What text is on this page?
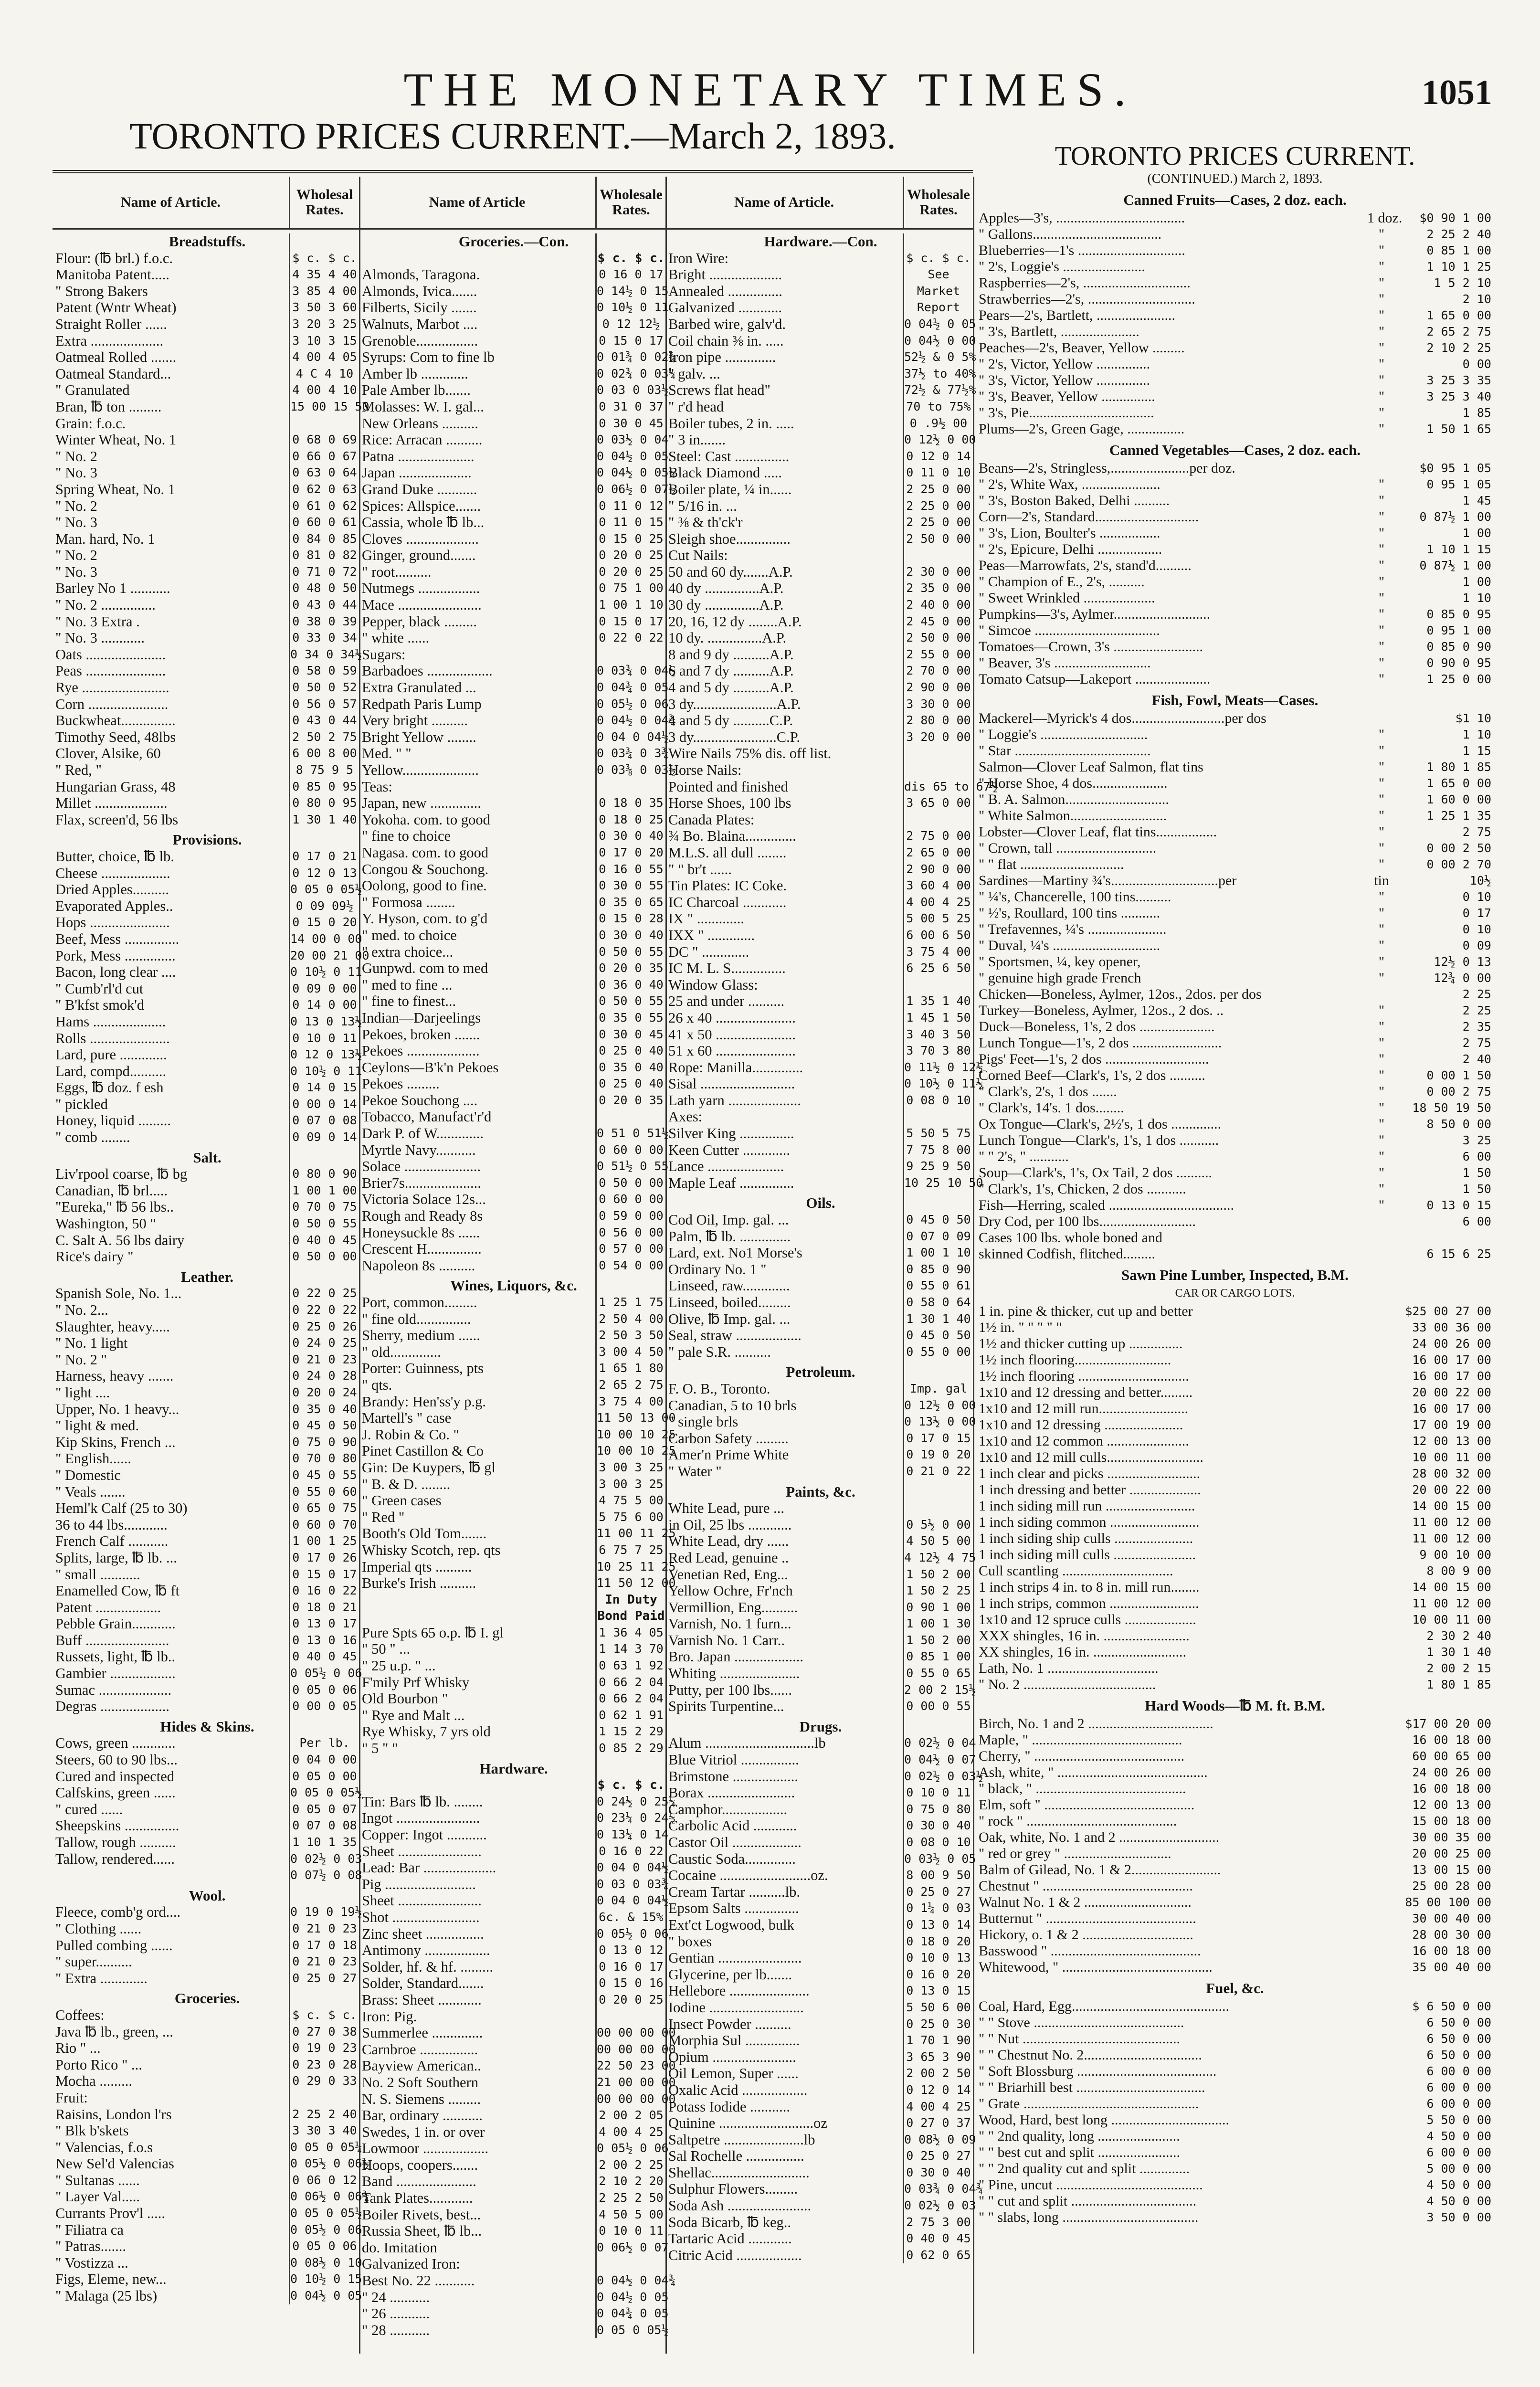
THE MONETARY TIMES.	1051
TORONTO PRICES CURRENT.—March 2, 1893.
Name of Article.	Wholesal Rates.
Breadstuffs.
Flour: (℔ brl.) f.o.c.	$ c. $ c.
Manitoba Patent.....	4 35 4 40
" Strong Bakers	3 85 4 00
Patent (Wntr Wheat)	3 50 3 60
Straight Roller ......	3 20 3 25
Extra ....................	3 10 3 15
Oatmeal Rolled .......	4 00 4 05
Oatmeal Standard...	4 C 4 10
" Granulated	4 00 4 10
Bran, ℔ ton .........	15 00 15 50
Grain: f.o.c.
Winter Wheat, No. 1	0 68 0 69
" No. 2	0 66 0 67
" No. 3	0 63 0 64
Spring Wheat, No. 1	0 62 0 63
" No. 2	0 61 0 62
" No. 3	0 60 0 61
Man. hard, No. 1	0 84 0 85
" No. 2	0 81 0 82
" No. 3	0 71 0 72
Barley No 1 ...........	0 48 0 50
" No. 2 ...............	0 43 0 44
" No. 3 Extra .	0 38 0 39
" No. 3 ............	0 33 0 34
Oats ......................	0 34 0 34½
Peas ......................	0 58 0 59
Rye ........................	0 50 0 52
Corn ......................	0 56 0 57
Buckwheat...............	0 43 0 44
Timothy Seed, 48lbs	2 50 2 75
Clover, Alsike, 60	6 00 8 00
" Red, "	8 75 9 5
Hungarian Grass, 48	0 85 0 95
Millet ....................	0 80 0 95
Flax, screen'd, 56 lbs	1 30 1 40
Provisions.
Butter, choice, ℔ lb.	0 17 0 21
Cheese ...................	0 12 0 13
Dried Apples..........	0 05 0 05½
Evaporated Apples..	0 09 09½
Hops ......................	0 15 0 20
Beef, Mess ...............	14 00 0 00
Pork, Mess ..............	20 00 21 00
Bacon, long clear ....	0 10½ 0 11
" Cumb'rl'd cut	0 09 0 00
" B'kfst smok'd	0 14 0 00
Hams ....................	0 13 0 13½
Rolls ......................	0 10 0 11
Lard, pure .............	0 12 0 13½
Lard, compd..........	0 10½ 0 11
Eggs, ℔ doz. f esh	0 14 0 15
" pickled	0 00 0 14
Honey, liquid .........	0 07 0 08
" comb ........	0 09 0 14
Salt.
Liv'rpool coarse, ℔ bg	0 80 0 90
Canadian, ℔ brl.....	1 00 1 00
"Eureka," ℔ 56 lbs..	0 70 0 75
Washington, 50 "	0 50 0 55
C. Salt A. 56 lbs dairy	0 40 0 45
Rice's dairy "	0 50 0 00
Leather.
Spanish Sole, No. 1...	0 22 0 25
" No. 2...	0 22 0 22
Slaughter, heavy.....	0 25 0 26
" No. 1 light	0 24 0 25
" No. 2 "	0 21 0 23
Harness, heavy .......	0 24 0 28
" light ....	0 20 0 24
Upper, No. 1 heavy...	0 35 0 40
" light & med.	0 45 0 50
Kip Skins, French ...	0 75 0 90
" English......	0 70 0 80
" Domestic	0 45 0 55
" Veals .......	0 55 0 60
Heml'k Calf (25 to 30)	0 65 0 75
36 to 44 lbs............	0 60 0 70
French Calf ...........	1 00 1 25
Splits, large, ℔ lb. ...	0 17 0 26
" small ...........	0 15 0 17
Enamelled Cow, ℔ ft	0 16 0 22
Patent ..................	0 18 0 21
Pebble Grain............	0 13 0 17
Buff .......................	0 13 0 16
Russets, light, ℔ lb..	0 40 0 45
Gambier ..................	0 05½ 0 06
Sumac ....................	0 05 0 06
Degras ...................	0 00 0 05
Hides & Skins.
Cows, green ............	Per lb.
Steers, 60 to 90 lbs...	0 04 0 00
Cured and inspected	0 05 0 00
Calfskins, green ......	0 05 0 05½
" cured ......	0 05 0 07
Sheepskins ...............	0 07 0 08
Tallow, rough ..........	1 10 1 35
Tallow, rendered......	0 02½ 0 03
0 07½ 0 08
Wool.
Fleece, comb'g ord....	0 19 0 19½
" Clothing ......	0 21 0 23
Pulled combing ......	0 17 0 18
" super..........	0 21 0 23
" Extra .............	0 25 0 27
Groceries.
Coffees:	$ c. $ c.
Java ℔ lb., green, ...	0 27 0 38
Rio " ...	0 19 0 23
Porto Rico " ...	0 23 0 28
Mocha .........	0 29 0 33
Fruit:
Raisins, London l'rs	2 25 2 40
" Blk b'skets	3 30 3 40
" Valencias, f.o.s	0 05 0 05¼
New Sel'd Valencias	0 05½ 0 06½
" Sultanas ......	0 06 0 12
" Layer Val.....	0 06½ 0 06¾
Currants Prov'l .....	0 05 0 05½
" Filiatra ca	0 05½ 0 06
" Patras.......	0 05 0 06
" Vostizza ...	0 08½ 0 10
Figs, Eleme, new...	0 10½ 0 15
" Malaga (25 lbs)	0 04½ 0 05
Name of Article	Wholesale Rates.
Groceries.—Con.
$ c. $ c.
Almonds, Taragona.	0 16 0 17
Almonds, Ivica.......	0 14½ 0 15
Filberts, Sicily .......	0 10½ 0 11
Walnuts, Marbot ....	0 12 12½
Grenoble.................	0 15 0 17
Syrups: Com to fine lb	0 01¾ 0 02¾
Amber lb .............	0 02¾ 0 03¼
Pale Amber lb.......	0 03 0 03½
Molasses: W. I. gal...	0 31 0 37
New Orleans ..........	0 30 0 45
Rice: Arracan ..........	0 03½ 0 04
Patna .....................	0 04½ 0 05
Japan ....................	0 04½ 0 05¼
Grand Duke ...........	0 06½ 0 07½
Spices: Allspice.......	0 11 0 12
Cassia, whole ℔ lb...	0 11 0 15
Cloves ....................	0 15 0 25
Ginger, ground.......	0 20 0 25
" root..........	0 20 0 25
Nutmegs .................	0 75 1 00
Mace .......................	1 00 1 10
Pepper, black .........	0 15 0 17
" white ......	0 22 0 22
Sugars:
Barbadoes ..................	0 03¾ 0 04½
Extra Granulated ...	0 04¾ 0 05
Redpath Paris Lump	0 05½ 0 06
Very bright ..........	0 04½ 0 04¾
Bright Yellow ........	0 04 0 04½
Med. " "	0 03¾ 0 3¾
Yellow.....................	0 03⅜ 0 03½
Teas:
Japan, new ..............	0 18 0 35
Yokoha. com. to good	0 18 0 25
" fine to choice	0 30 0 40
Nagasa. com. to good	0 17 0 20
Congou & Souchong.	0 16 0 55
Oolong, good to fine.	0 30 0 55
" Formosa ........	0 35 0 65
Y. Hyson, com. to g'd	0 15 0 28
" med. to choice	0 30 0 40
" extra choice...	0 50 0 55
Gunpwd. com to med	0 20 0 35
" med to fine ...	0 36 0 40
" fine to finest...	0 50 0 55
Indian—Darjeelings	0 35 0 55
Pekoes, broken .......	0 30 0 45
Pekoes ....................	0 25 0 40
Ceylons—B'k'n Pekoes	0 35 0 40
Pekoes .........	0 25 0 40
Pekoe Souchong ....	0 20 0 35
Tobacco, Manufact'r'd
Dark P. of W.............	0 51 0 51½
Myrtle Navy...........	0 60 0 00
Solace .....................	0 51½ 0 55
Brier7s.....................	0 50 0 00
Victoria Solace 12s...	0 60 0 00
Rough and Ready 8s	0 59 0 00
Honeysuckle 8s ......	0 56 0 00
Crescent H...............	0 57 0 00
Napoleon 8s ..........	0 54 0 00
Wines, Liquors, &c.
Port, common.........	1 25 1 75
" fine old...............	2 50 4 00
Sherry, medium ......	2 50 3 50
" old..............	3 00 4 50
Porter: Guinness, pts	1 65 1 80
" qts.	2 65 2 75
Brandy: Hen'ss'y p.g.	3 75 4 00
Martell's " case	11 50 13 00
J. Robin & Co. "	10 00 10 25
Pinet Castillon & Co	10 00 10 25
Gin: De Kuypers, ℔ gl	3 00 3 25
" B. & D. ........	3 00 3 25
" Green cases	4 75 5 00
" Red "	5 75 6 00
Booth's Old Tom.......	11 00 11 25
Whisky Scotch, rep. qts	6 75 7 25
Imperial qts ..........	10 25 11 25
Burke's Irish ..........	11 50 12 00
In Duty
Bond Paid
Pure Spts 65 o.p. ℔ I. gl	1 36 4 05
" 50 " ...	1 14 3 70
" 25 u.p. " ...	0 63 1 92
F'mily Prf Whisky	0 66 2 04
Old Bourbon "	0 66 2 04
" Rye and Malt ...	0 62 1 91
Rye Whisky, 7 yrs old	1 15 2 29
" 5 " "	0 85 2 29
Hardware.
$ c. $ c.
Tin: Bars ℔ lb. ........	0 24½ 0 25¼
Ingot .......................	0 23¼ 0 24½
Copper: Ingot ...........	0 13¼ 0 14
Sheet .......................	0 16 0 22
Lead: Bar ....................	0 04 0 04½
Pig .........................	0 03 0 03¾
Sheet .......................	0 04 0 04½
Shot ........................	6c. & 15%
Zinc sheet ................	0 05½ 0 06
Antimony ..................	0 13 0 12
Solder, hf. & hf. .........	0 16 0 17
Solder, Standard.......	0 15 0 16
Brass: Sheet ............	0 20 0 25
Iron: Pig.
Summerlee ..............	00 00 00 00
Carnbroe ................	00 00 00 00
Bayview American..	22 50 23 00
No. 2 Soft Southern	21 00 00 00
N. S. Siemens .........	00 00 00 00
Bar, ordinary ...........	2 00 2 05
Swedes, 1 in. or over	4 00 4 25
Lowmoor ..................	0 05½ 0 06
Hoops, coopers.......	2 00 2 25
Band ......................	2 10 2 20
Tank Plates............	2 25 2 50
Boiler Rivets, best...	4 50 5 00
Russia Sheet, ℔ lb...	0 10 0 11
do. Imitation	0 06½ 0 07
Galvanized Iron:
Best No. 22 ...........	0 04½ 0 04¾
" 24 ...........	0 04½ 0 05
" 26 ...........	0 04¾ 0 05
" 28 ...........	0 05 0 05½
Name of Article.	Wholesale Rates.
Hardware.—Con.
Iron Wire:	$ c. $ c.
Bright ....................	See
Annealed ...............	Market
Galvanized ............	Report
Barbed wire, galv'd.	0 04½ 0 05
Coil chain ⅜ in. .....	0 04½ 0 00
Iron pipe ..............	52½ & 0 5%
" galv. ...	37½ to 40%
Screws flat head"	72½ & 77½%
" r'd head	70 to 75%
Boiler tubes, 2 in. .....	0 .9½ 00
" 3 in.......	0 12½ 0 00
Steel: Cast ...............	0 12 0 14
Black Diamond .....	0 11 0 10
Boiler plate, ¼ in......	2 25 0 00
" 5/16 in. ...	2 25 0 00
" ⅜ & th'ck'r	2 25 0 00
Sleigh shoe...............	2 50 0 00
Cut Nails:
50 and 60 dy.......A.P.	2 30 0 00
40 dy ...............A.P.	2 35 0 00
30 dy ...............A.P.	2 40 0 00
20, 16, 12 dy ........A.P.	2 45 0 00
10 dy. ...............A.P.	2 50 0 00
8 and 9 dy ..........A.P.	2 55 0 00
6 and 7 dy ..........A.P.	2 70 0 00
4 and 5 dy ..........A.P.	2 90 0 00
3 dy.......................A.P.	3 30 0 00
4 and 5 dy ..........C.P.	2 80 0 00
3 dy.......................C.P.	3 20 0 00
Wire Nails 75% dis. off list.
Horse Nails:
Pointed and finished	dis 65 to 67½
Horse Shoes, 100 lbs	3 65 0 00
Canada Plates:
¾ Bo. Blaina..............	2 75 0 00
M.L.S. all dull ........	2 65 0 00
" " br't ......	2 90 0 00
Tin Plates: IC Coke.	3 60 4 00
IC Charcoal ............	4 00 4 25
IX " .............	5 00 5 25
IXX " .............	6 00 6 50
DC " .............	3 75 4 00
IC M. L. S...............	6 25 6 50
Window Glass:
25 and under ..........	1 35 1 40
26 x 40 ......................	1 45 1 50
41 x 50 ......................	3 40 3 50
51 x 60 ......................	3 70 3 80
Rope: Manilla..............	0 11½ 0 12½
Sisal ..........................	0 10½ 0 11½
Lath yarn ....................	0 08 0 10
Axes:
Silver King ...............	5 50 5 75
Keen Cutter .............	7 75 8 00
Lance .....................	9 25 9 50
Maple Leaf ...............	10 25 10 50
Oils.
Cod Oil, Imp. gal. ...	0 45 0 50
Palm, ℔ lb. ..............	0 07 0 09
Lard, ext. No1 Morse's	1 00 1 10
Ordinary No. 1 "	0 85 0 90
Linseed, raw.............	0 55 0 61
Linseed, boiled.........	0 58 0 64
Olive, ℔ Imp. gal. ...	1 30 1 40
Seal, straw ..................	0 45 0 50
" pale S.R. ..........	0 55 0 00
Petroleum.
F. O. B., Toronto.	Imp. gal
Canadian, 5 to 10 brls	0 12½ 0 00
" single brls	0 13½ 0 00
Carbon Safety .........	0 17 0 15
Amer'n Prime White	0 19 0 20
" Water "	0 21 0 22
Paints, &c.
White Lead, pure ...
in Oil, 25 lbs ............	0 5½ 0 00
White Lead, dry ......	4 50 5 00
Red Lead, genuine ..	4 12½ 4 75
Venetian Red, Eng...	1 50 2 00
Yellow Ochre, Fr'nch	1 50 2 25
Vermillion, Eng..........	0 90 1 00
Varnish, No. 1 furn...	1 00 1 30
Varnish No. 1 Carr..	1 50 2 00
Bro. Japan ...................	0 85 1 00
Whiting ......................	0 55 0 65
Putty, per 100 lbs......	2 00 2 15½
Spirits Turpentine...	0 00 0 55
Drugs.
Alum ..............................lb	0 02½ 0 04
Blue Vitriol ................	0 04½ 0 07
Brimstone ..................	0 02½ 0 03½
Borax ........................	0 10 0 11
Camphor..................	0 75 0 80
Carbolic Acid ............	0 30 0 40
Castor Oil ...................	0 08 0 10
Caustic Soda..............	0 03½ 0 05
Cocaine .........................oz.	8 00 9 50
Cream Tartar ..........lb.	0 25 0 27
Epsom Salts ...............	0 1¼ 0 03
Ext'ct Logwood, bulk	0 13 0 14
" boxes	0 18 0 20
Gentian .......................	0 10 0 13
Glycerine, per lb.......	0 16 0 20
Hellebore ......................	0 13 0 15
Iodine ..........................	5 50 6 00
Insect Powder ..........	0 25 0 30
Morphia Sul ...............	1 70 1 90
Opium .......................	3 65 3 90
Oil Lemon, Super ......	2 00 2 50
Oxalic Acid ..................	0 12 0 14
Potass Iodide ...........	4 00 4 25
Quinine ..........................oz	0 27 0 37
Saltpetre ......................lb	0 08½ 0 09
Sal Rochelle ................	0 25 0 27
Shellac...........................	0 30 0 40
Sulphur Flowers.........	0 03¾ 0 04¾
Soda Ash .......................	0 02½ 0 03
Soda Bicarb, ℔ keg..	2 75 3 00
Tartaric Acid ............	0 40 0 45
Citric Acid ..................	0 62 0 65
TORONTO PRICES CURRENT.
(CONTINUED.) March 2, 1893.
Canned Fruits—Cases, 2 doz. each.
Apples—3's, ....................................	1 doz.	$0 90 1 00
" Gallons....................................	"	2 25 2 40
Blueberries—1's ..............................	"	0 85 1 00
" 2's, Loggie's .......................	"	1 10 1 25
Raspberries—2's, ..............................	"	1 5 2 10
Strawberries—2's, ..............................	"	2 10
Pears—2's, Bartlett, ......................	"	1 65 0 00
" 3's, Bartlett, ......................	"	2 65 2 75
Peaches—2's, Beaver, Yellow .........	"	2 10 2 25
" 2's, Victor, Yellow ...............	"	0 00
" 3's, Victor, Yellow ...............	"	3 25 3 35
" 3's, Beaver, Yellow ...............	"	3 25 3 40
" 3's, Pie...................................	"	1 85
Plums—2's, Green Gage, ................	"	1 50 1 65
Canned Vegetables—Cases, 2 doz. each.
Beans—2's, Stringless,......................per doz.	$0 95 1 05
" 2's, White Wax, ......................	"	0 95 1 05
" 3's, Boston Baked, Delhi ..........	"	1 45
Corn—2's, Standard.............................	"	0 87½ 1 00
" 3's, Lion, Boulter's .................	"	1 00
" 2's, Epicure, Delhi ..................	"	1 10 1 15
Peas—Marrowfats, 2's, stand'd..........	"	0 87½ 1 00
" Champion of E., 2's, ..........	"	1 00
" Sweet Wrinkled ....................	"	1 10
Pumpkins—3's, Aylmer...........................	"	0 85 0 95
" Simcoe ...................................	"	0 95 1 00
Tomatoes—Crown, 3's .........................	"	0 85 0 90
" Beaver, 3's ...........................	"	0 90 0 95
Tomato Catsup—Lakeport .....................	"	1 25 0 00
Fish, Fowl, Meats—Cases.
Mackerel—Myrick's 4 dos..........................per dos	$1 10
" Loggie's ..............................	"	1 10
" Star ......................................	"	1 15
Salmon—Clover Leaf Salmon, flat tins	"	1 80 1 85
" Horse Shoe, 4 dos.....................	"	1 65 0 00
" B. A. Salmon.............................	"	1 60 0 00
" White Salmon...........................	"	1 25 1 35
Lobster—Clover Leaf, flat tins.................	"	2 75
" Crown, tall ............................	"	0 00 2 50
" " flat .............................	"	0 00 2 70
Sardines—Martiny ¾'s..............................per	tin	10½
" ¼'s, Chancerelle, 100 tins..........	"	0 10
" ½'s, Roullard, 100 tins ...........	"	0 17
" Trefavennes, ¼'s ......................	"	0 10
" Duval, ¼'s ..............................	"	0 09
" Sportsmen, ¼, key opener,	"	12½ 0 13
" genuine high grade French	"	12¾ 0 00
Chicken—Boneless, Aylmer, 12os., 2dos. per dos	2 25
Turkey—Boneless, Aylmer, 12os., 2 dos. ..	"	2 25
Duck—Boneless, 1's, 2 dos .....................	"	2 35
Lunch Tongue—1's, 2 dos .........................	"	2 75
Pigs' Feet—1's, 2 dos .............................	"	2 40
Corned Beef—Clark's, 1's, 2 dos ..........	"	0 00 1 50
" Clark's, 2's, 1 dos .......	"	0 00 2 75
" Clark's, 14's. 1 dos........	"	18 50 19 50
Ox Tongue—Clark's, 2½'s, 1 dos ..............	"	8 50 0 00
Lunch Tongue—Clark's, 1's, 1 dos ...........	"	3 25
" " 2's, " ...........	"	6 00
Soup—Clark's, 1's, Ox Tail, 2 dos ..........	"	1 50
" Clark's, 1's, Chicken, 2 dos ...........	"	1 50
Fish—Herring, scaled ...................................	"	0 13 0 15
Dry Cod, per 100 lbs...........................	6 00
Cases 100 lbs. whole boned and
skinned Codfish, flitched.........	6 15 6 25
Sawn Pine Lumber, Inspected, B.M.
CAR OR CARGO LOTS.
1 in. pine & thicker, cut up and better	$25 00 27 00
1½ in. " " " " "	33 00 36 00
1½ and thicker cutting up ...............	24 00 26 00
1½ inch flooring...........................	16 00 17 00
1½ inch flooring ...............................	16 00 17 00
1x10 and 12 dressing and better.........	20 00 22 00
1x10 and 12 mill run.........................	16 00 17 00
1x10 and 12 dressing ......................	17 00 19 00
1x10 and 12 common .......................	12 00 13 00
1x10 and 12 mill culls...........................	10 00 11 00
1 inch clear and picks ..........................	28 00 32 00
1 inch dressing and better ....................	20 00 22 00
1 inch siding mill run .........................	14 00 15 00
1 inch siding common .........................	11 00 12 00
1 inch siding ship culls ......................	11 00 12 00
1 inch siding mill culls .......................	9 00 10 00
Cull scantling ...............................	8 00 9 00
1 inch strips 4 in. to 8 in. mill run........	14 00 15 00
1 inch strips, common .........................	11 00 12 00
1x10 and 12 spruce culls ....................	10 00 11 00
XXX shingles, 16 in. ........................	2 30 2 40
XX shingles, 16 in. ..........................	1 30 1 40
Lath, No. 1 ...............................	2 00 2 15
" No. 2 .....................................	1 80 1 85
Hard Woods—℔ M. ft. B.M.
Birch, No. 1 and 2 ...................................	$17 00 20 00
Maple, " ..........................................	16 00 18 00
Cherry, " ..........................................	60 00 65 00
Ash, white, " ..........................................	24 00 26 00
" black, " ..........................................	16 00 18 00
Elm, soft " ..........................................	12 00 13 00
" rock " ..........................................	15 00 18 00
Oak, white, No. 1 and 2 ............................	30 00 35 00
" red or grey " ..............................	20 00 25 00
Balm of Gilead, No. 1 & 2.........................	13 00 15 00
Chestnut " ..........................................	25 00 28 00
Walnut No. 1 & 2 ..............................	85 00 100 00
Butternut " ..........................................	30 00 40 00
Hickory, o. 1 & 2 ...............................	28 00 30 00
Basswood " ..........................................	16 00 18 00
Whitewood, " ..........................................	35 00 40 00
Fuel, &c.
Coal, Hard, Egg............................................	$ 6 50 0 00
" " Stove ..........................................	6 50 0 00
" " Nut ............................................	6 50 0 00
" " Chestnut No. 2.................................	6 50 0 00
" Soft Blossburg .......................................	6 00 0 00
" " Briarhill best ....................................	6 00 0 00
" Grate .................................................	6 00 0 00
Wood, Hard, best long .................................	5 50 0 00
" " 2nd quality, long .......................	4 50 0 00
" " best cut and split .......................	6 00 0 00
" " 2nd quality cut and split ..............	5 00 0 00
" Pine, uncut .........................................	4 50 0 00
" " cut and split ...................................	4 50 0 00
" " slabs, long ......................................	3 50 0 00
